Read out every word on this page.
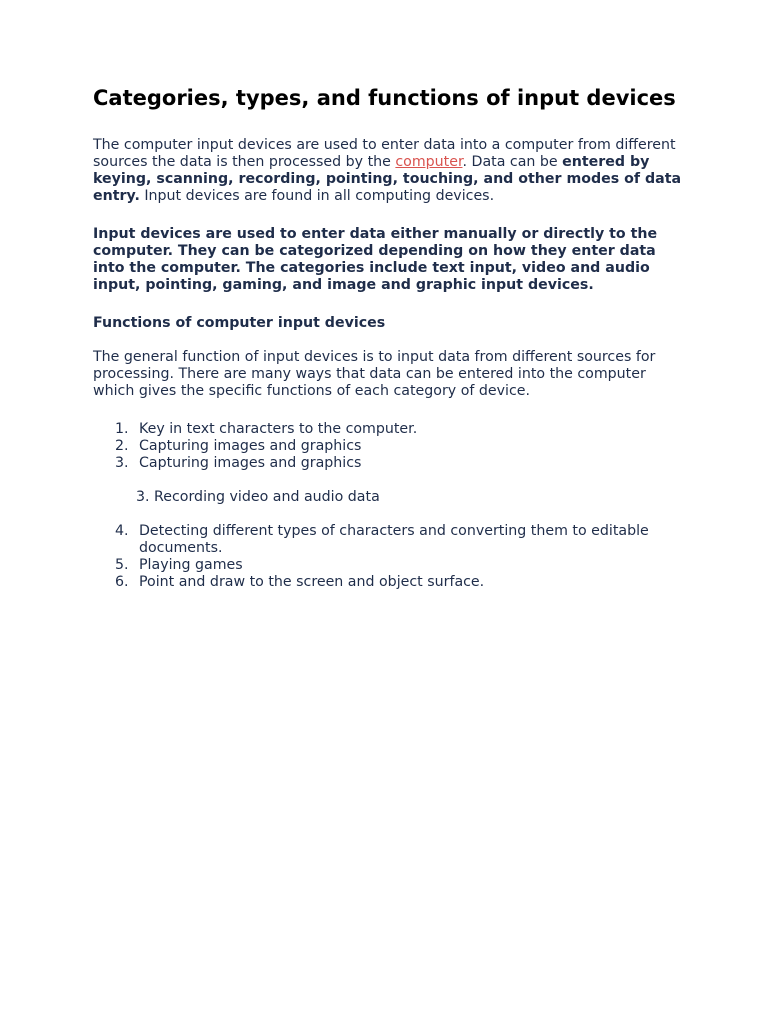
Categories, types, and functions of input devices

The computer input devices are used to enter data into a computer from different sources the data is then processed by the computer. Data can be entered by keying, scanning, recording, pointing, touching, and other modes of data entry. Input devices are found in all computing devices.

Input devices are used to enter data either manually or directly to the computer. They can be categorized depending on how they enter data into the computer. The categories include text input, video and audio input, pointing, gaming, and image and graphic input devices.

Functions of computer input devices

The general function of input devices is to input data from different sources for processing. There are many ways that data can be entered into the computer which gives the specific functions of each category of device.

1. Key in text characters to the computer.
2. Capturing images and graphics
3. Capturing images and graphics

3. Recording video and audio data

4. Detecting different types of characters and converting them to editable documents.
5. Playing games
6. Point and draw to the screen and object surface.
